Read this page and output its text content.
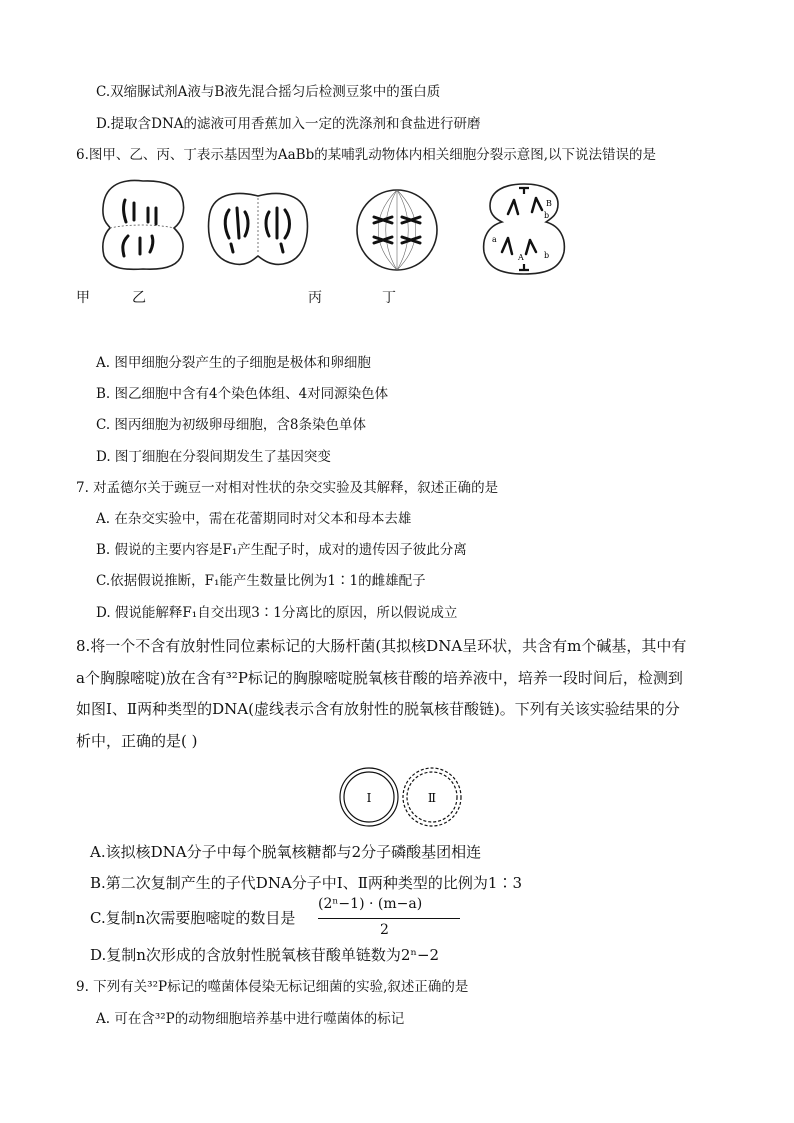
C.双缩脲试剂A液与B液先混合摇匀后检测豆浆中的蛋白质
D.提取含DNA的滤液可用香蕉加入一定的洗涤剂和食盐进行研磨
6.图甲、乙、丙、丁表示基因型为AaBb的某哺乳动物体内相关细胞分裂示意图,以下说法错误的是
B
b
a
A	b
甲	乙	丙	丁
A. 图甲细胞分裂产生的子细胞是极体和卵细胞
B. 图乙细胞中含有4个染色体组、4对同源染色体
C. 图丙细胞为初级卵母细胞，含8条染色单体
D. 图丁细胞在分裂间期发生了基因突变
7. 对孟德尔关于豌豆一对相对性状的杂交实验及其解释，叙述正确的是
A. 在杂交实验中，需在花蕾期同时对父本和母本去雄
B. 假说的主要内容是F₁产生配子时，成对的遗传因子彼此分离
C.依据假说推断，F₁能产生数量比例为1∶1的雌雄配子
D. 假说能解释F₁自交出现3∶1分离比的原因，所以假说成立
8.将一个不含有放射性同位素标记的大肠杆菌(其拟核DNA呈环状，共含有m个碱基，其中有
a个胸腺嘧啶)放在含有³²P标记的胸腺嘧啶脱氧核苷酸的培养液中，培养一段时间后，检测到
如图Ⅰ、Ⅱ两种类型的DNA(虚线表示含有放射性的脱氧核苷酸链)。下列有关该实验结果的分
析中，正确的是( )
Ⅰ	Ⅱ
A.该拟核DNA分子中每个脱氧核糖都与2分子磷酸基团相连
B.第二次复制产生的子代DNA分子中Ⅰ、Ⅱ两种类型的比例为1∶3
C.复制n次需要胞嘧啶的数目是
(2ⁿ−1) · (m−a)
2
D.复制n次形成的含放射性脱氧核苷酸单链数为2ⁿ−2
9. 下列有关³²P标记的噬菌体侵染无标记细菌的实验,叙述正确的是
A. 可在含³²P的动物细胞培养基中进行噬菌体的标记
